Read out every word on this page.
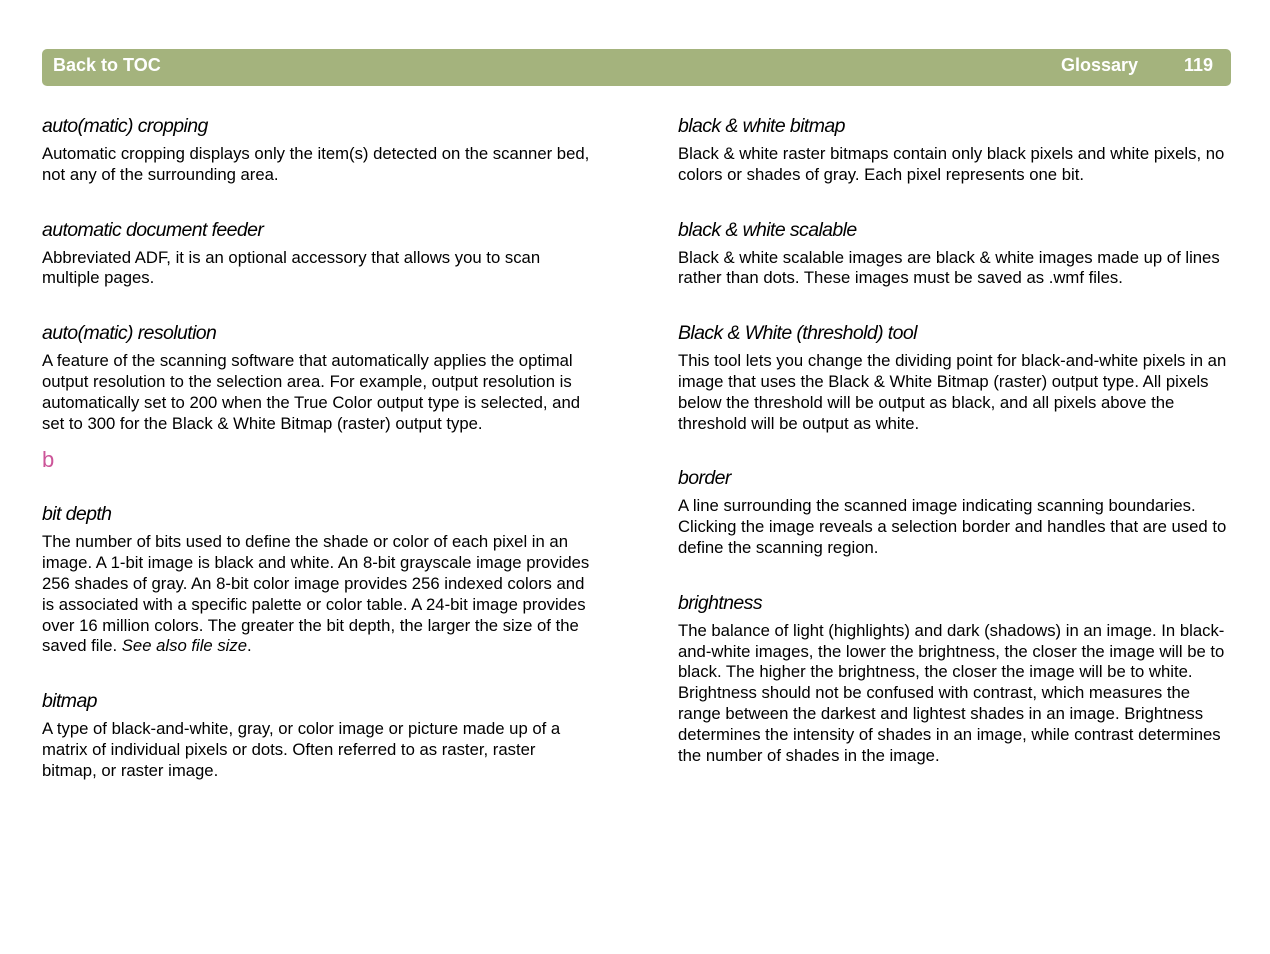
Back to TOC	Glossary	119
auto(matic) cropping

Automatic cropping displays only the item(s) detected on the scanner bed, not any of the surrounding area.

automatic document feeder

Abbreviated ADF, it is an optional accessory that allows you to scan multiple pages.

auto(matic) resolution

A feature of the scanning software that automatically applies the optimal output resolution to the selection area. For example, output resolution is automatically set to 200 when the True Color output type is selected, and set to 300 for the Black & White Bitmap (raster) output type.

b
bit depth

The number of bits used to define the shade or color of each pixel in an image. A 1-bit image is black and white. An 8-bit grayscale image provides 256 shades of gray. An 8-bit color image provides 256 indexed colors and is associated with a specific palette or color table. A 24-bit image provides over 16 million colors. The greater the bit depth, the larger the size of the saved file. See also file size.

bitmap

A type of black-and-white, gray, or color image or picture made up of a matrix of individual pixels or dots. Often referred to as raster, raster bitmap, or raster image.

black & white bitmap

Black & white raster bitmaps contain only black pixels and white pixels, no colors or shades of gray. Each pixel represents one bit.

black & white scalable

Black & white scalable images are black & white images made up of lines rather than dots. These images must be saved as .wmf files.

Black & White (threshold) tool

This tool lets you change the dividing point for black-and-white pixels in an image that uses the Black & White Bitmap (raster) output type. All pixels below the threshold will be output as black, and all pixels above the threshold will be output as white.

border

A line surrounding the scanned image indicating scanning boundaries. Clicking the image reveals a selection border and handles that are used to define the scanning region.

brightness

The balance of light (highlights) and dark (shadows) in an image. In black-and-white images, the lower the brightness, the closer the image will be to black. The higher the brightness, the closer the image will be to white. Brightness should not be confused with contrast, which measures the range between the darkest and lightest shades in an image. Brightness determines the intensity of shades in an image, while contrast determines the number of shades in the image.
